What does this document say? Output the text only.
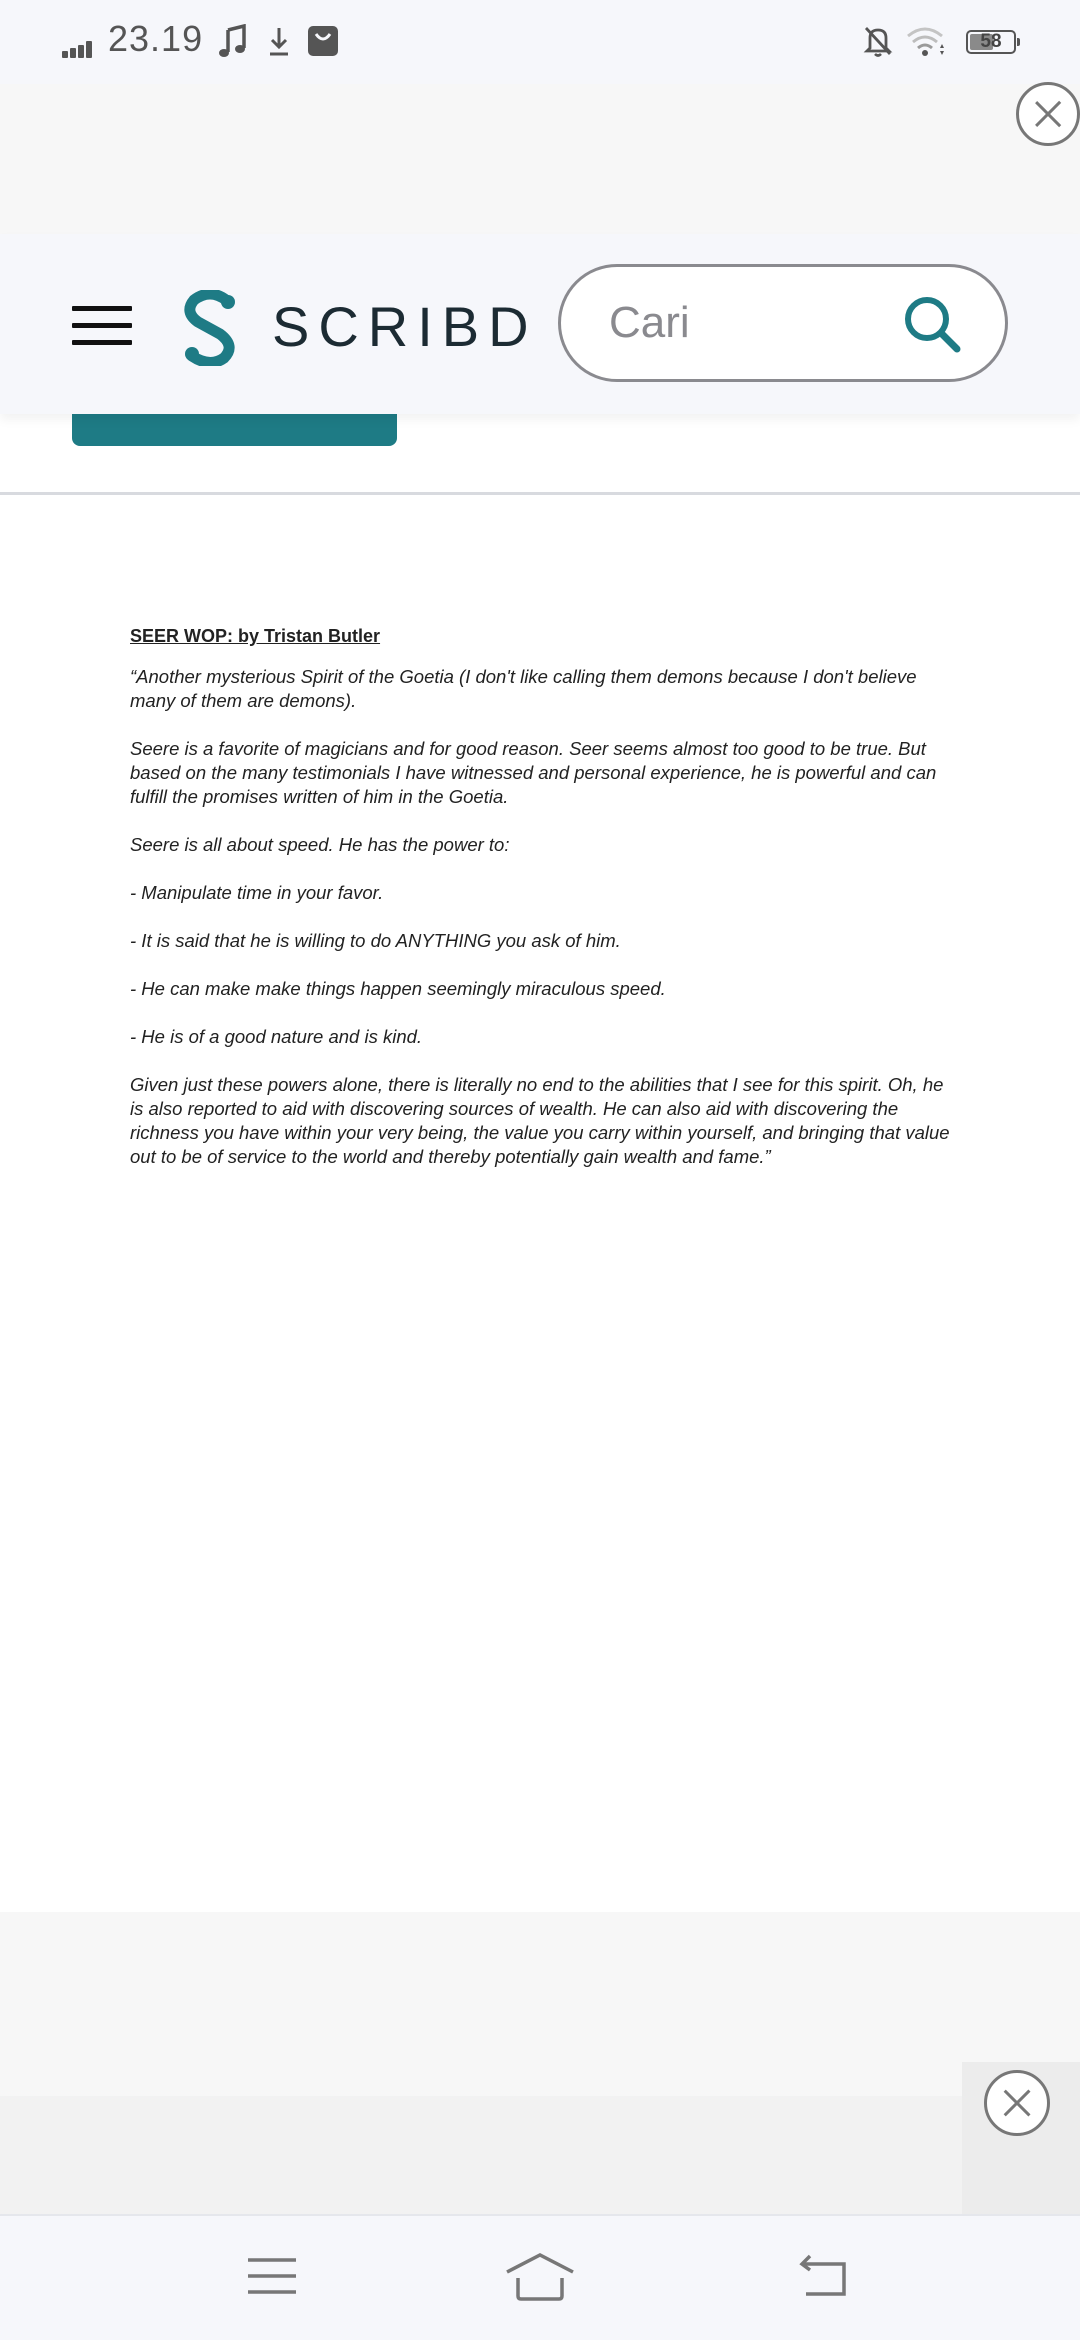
23.19	58
SCRIBD
Cari
SEER WOP: by Tristan Butler

“Another mysterious Spirit of the Goetia (I don't like calling them demons because I don't believe many of them are demons).

Seere is a favorite of magicians and for good reason. Seer seems almost too good to be true. But based on the many testimonials I have witnessed and personal experience, he is powerful and can fulfill the promises written of him in the Goetia.

Seere is all about speed. He has the power to:

- Manipulate time in your favor.

- It is said that he is willing to do ANYTHING you ask of him.

- He can make make things happen seemingly miraculous speed.

- He is of a good nature and is kind.

Given just these powers alone, there is literally no end to the abilities that I see for this spirit. Oh, he is also reported to aid with discovering sources of wealth. He can also aid with discovering the richness you have within your very being, the value you carry within yourself, and bringing that value out to be of service to the world and thereby potentially gain wealth and fame.”
